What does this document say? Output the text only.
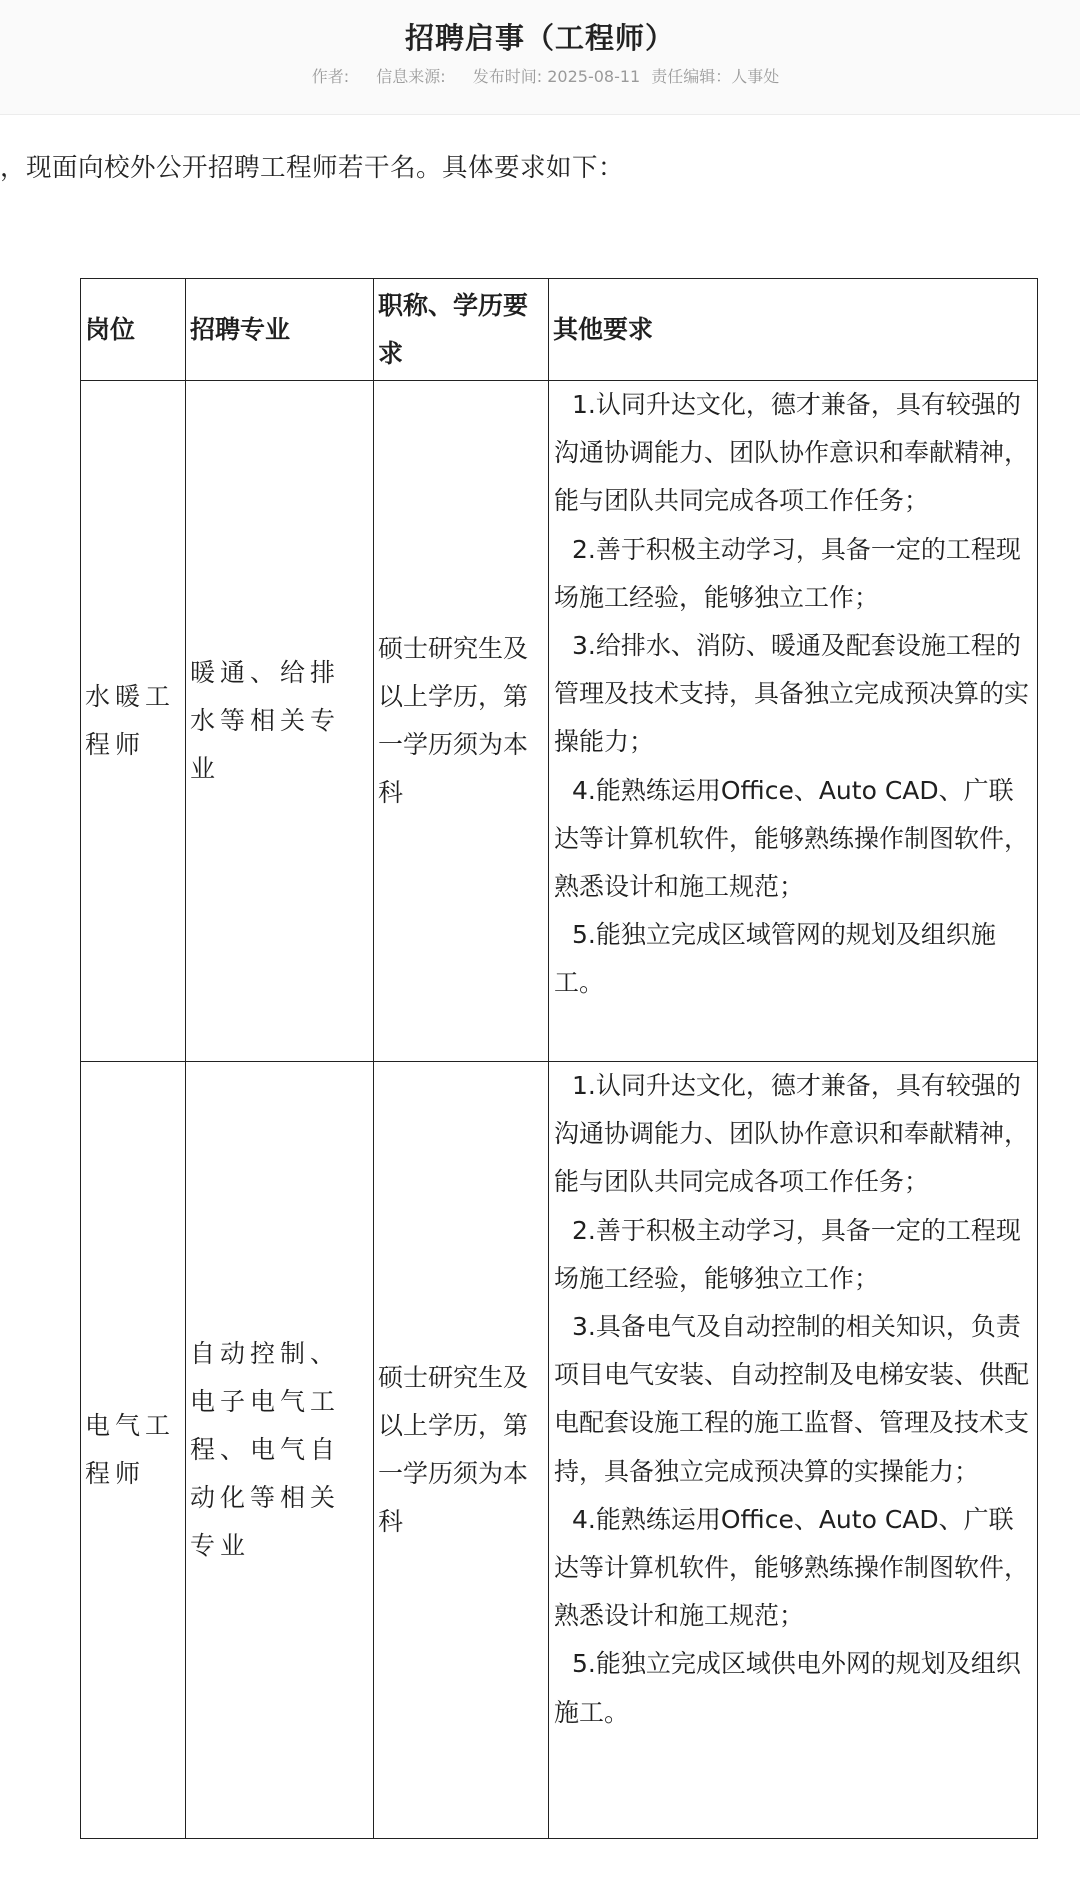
招聘启事（工程师）
作者: 信息来源: 发布时间: 2025-08-11 责任编辑：人事处
，现面向校外公开招聘工程师若干名。具体要求如下：
岗位	招聘专业	职称、学历要求	其他要求
水暖工程师	暖通、给排水等相关专业	硕士研究生及以上学历，第一学历须为本科	1.认同升达文化，德才兼备，具有较强的沟通协调能力、团队协作意识和奉献精神，能与团队共同完成各项工作任务；
2.善于积极主动学习，具备一定的工程现场施工经验，能够独立工作；
3.给排水、消防、暖通及配套设施工程的管理及技术支持，具备独立完成预决算的实操能力；
4.能熟练运用Office、Auto CAD、广联达等计算机软件，能够熟练操作制图软件，熟悉设计和施工规范；
5.能独立完成区域管网的规划及组织施工。

电气工程师	自动控制、电子电气工程、电气自动化等相关专业	硕士研究生及以上学历，第一学历须为本科	1.认同升达文化，德才兼备，具有较强的沟通协调能力、团队协作意识和奉献精神，能与团队共同完成各项工作任务；
2.善于积极主动学习，具备一定的工程现场施工经验，能够独立工作；
3.具备电气及自动控制的相关知识，负责项目电气安装、自动控制及电梯安装、供配电配套设施工程的施工监督、管理及技术支持，具备独立完成预决算的实操能力；
4.能熟练运用Office、Auto CAD、广联达等计算机软件，能够熟练操作制图软件，熟悉设计和施工规范；
5.能独立完成区域供电外网的规划及组织施工。
